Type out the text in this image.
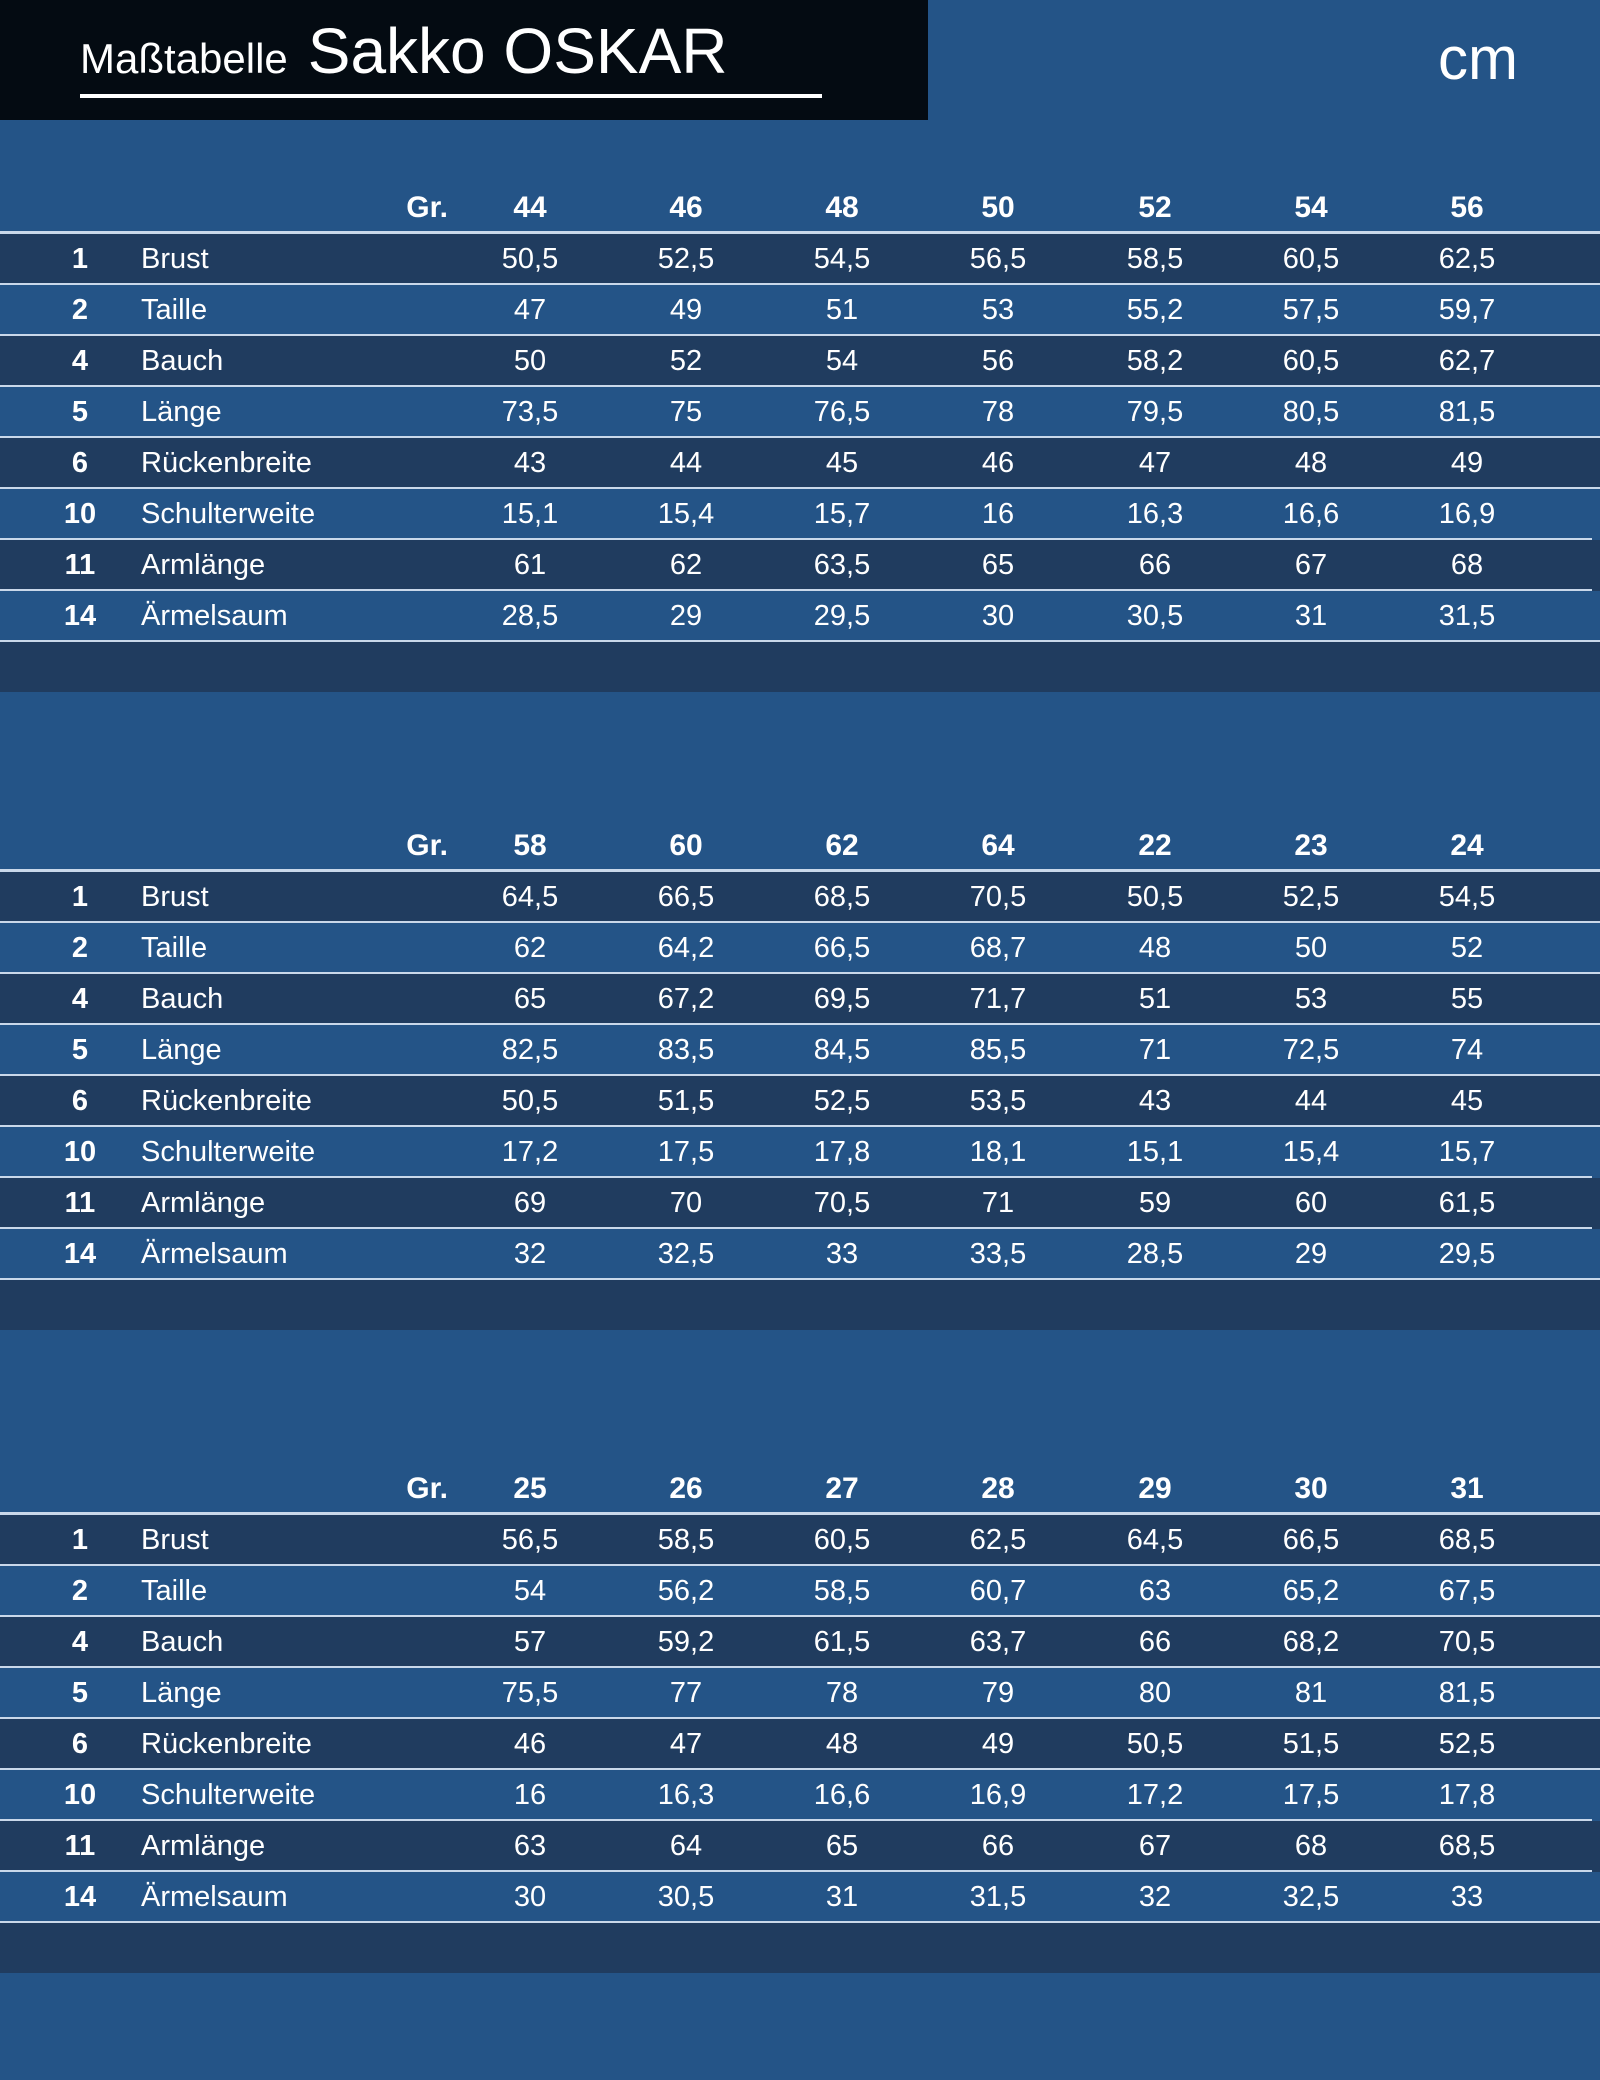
Maßtabelle Sakko OSKAR	cm
Gr.	44	46	48	50	52	54	56
1	Brust	50,5	52,5	54,5	56,5	58,5	60,5	62,5
2	Taille	47	49	51	53	55,2	57,5	59,7
4	Bauch	50	52	54	56	58,2	60,5	62,7
5	Länge	73,5	75	76,5	78	79,5	80,5	81,5
6	Rückenbreite	43	44	45	46	47	48	49
10	Schulterweite	15,1	15,4	15,7	16	16,3	16,6	16,9
11	Armlänge	61	62	63,5	65	66	67	68
14	Ärmelsaum	28,5	29	29,5	30	30,5	31	31,5
Gr.	58	60	62	64	22	23	24
1	Brust	64,5	66,5	68,5	70,5	50,5	52,5	54,5
2	Taille	62	64,2	66,5	68,7	48	50	52
4	Bauch	65	67,2	69,5	71,7	51	53	55
5	Länge	82,5	83,5	84,5	85,5	71	72,5	74
6	Rückenbreite	50,5	51,5	52,5	53,5	43	44	45
10	Schulterweite	17,2	17,5	17,8	18,1	15,1	15,4	15,7
11	Armlänge	69	70	70,5	71	59	60	61,5
14	Ärmelsaum	32	32,5	33	33,5	28,5	29	29,5
Gr.	25	26	27	28	29	30	31
1	Brust	56,5	58,5	60,5	62,5	64,5	66,5	68,5
2	Taille	54	56,2	58,5	60,7	63	65,2	67,5
4	Bauch	57	59,2	61,5	63,7	66	68,2	70,5
5	Länge	75,5	77	78	79	80	81	81,5
6	Rückenbreite	46	47	48	49	50,5	51,5	52,5
10	Schulterweite	16	16,3	16,6	16,9	17,2	17,5	17,8
11	Armlänge	63	64	65	66	67	68	68,5
14	Ärmelsaum	30	30,5	31	31,5	32	32,5	33
